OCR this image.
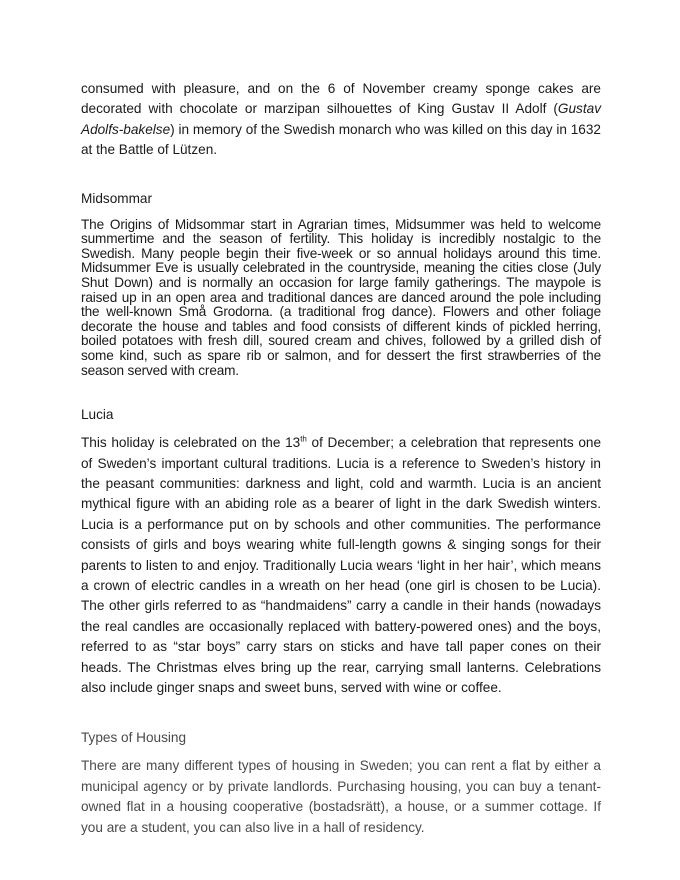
consumed with pleasure, and on the 6 of November creamy sponge cakes are decorated with chocolate or marzipan silhouettes of King Gustav II Adolf (Gustav Adolfs-bakelse) in memory of the Swedish monarch who was killed on this day in 1632 at the Battle of Lützen.

Midsommar

The Origins of Midsommar start in Agrarian times, Midsummer was held to welcome summertime and the season of fertility. This holiday is incredibly nostalgic to the Swedish. Many people begin their five-week or so annual holidays around this time. Midsummer Eve is usually celebrated in the countryside, meaning the cities close (July Shut Down) and is normally an occasion for large family gatherings. The maypole is raised up in an open area and traditional dances are danced around the pole including the well-known Små Grodorna. (a traditional frog dance). Flowers and other foliage decorate the house and tables and food consists of different kinds of pickled herring, boiled potatoes with fresh dill, soured cream and chives, followed by a grilled dish of some kind, such as spare rib or salmon, and for dessert the first strawberries of the season served with cream.

Lucia

This holiday is celebrated on the 13th of December; a celebration that represents one of Sweden’s important cultural traditions. Lucia is a reference to Sweden’s history in the peasant communities: darkness and light, cold and warmth. Lucia is an ancient mythical figure with an abiding role as a bearer of light in the dark Swedish winters. Lucia is a performance put on by schools and other communities. The performance consists of girls and boys wearing white full-length gowns & singing songs for their parents to listen to and enjoy. Traditionally Lucia wears ‘light in her hair’, which means a crown of electric candles in a wreath on her head (one girl is chosen to be Lucia). The other girls referred to as “handmaidens” carry a candle in their hands (nowadays the real candles are occasionally replaced with battery-powered ones) and the boys, referred to as “star boys” carry stars on sticks and have tall paper cones on their heads. The Christmas elves bring up the rear, carrying small lanterns. Celebrations also include ginger snaps and sweet buns, served with wine or coffee.

Types of Housing

There are many different types of housing in Sweden; you can rent a flat by either a municipal agency or by private landlords. Purchasing housing, you can buy a tenant-owned flat in a housing cooperative (bostadsrätt), a house, or a summer cottage. If you are a student, you can also live in a hall of residency.
